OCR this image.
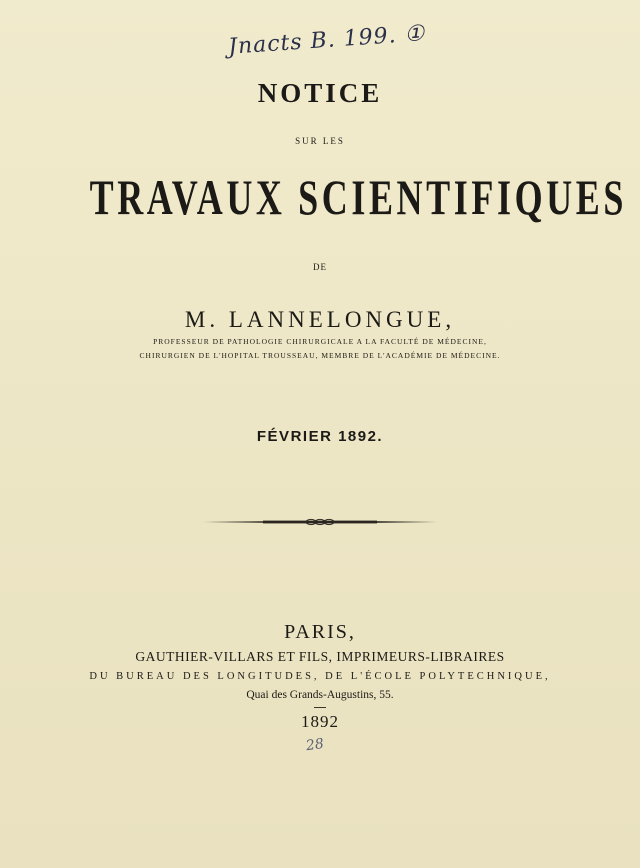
Jnacts B. 199. ①
NOTICE
SUR LES
TRAVAUX SCIENTIFIQUES
DE
M. LANNELONGUE,
PROFESSEUR DE PATHOLOGIE CHIRURGICALE A LA FACULTÉ DE MÉDECINE,
CHIRURGIEN DE L'HOPITAL TROUSSEAU, MEMBRE DE L'ACADÉMIE DE MÉDECINE.
FÉVRIER 1892.
PARIS,
GAUTHIER-VILLARS ET FILS, IMPRIMEURS-LIBRAIRES
DU BUREAU DES LONGITUDES, DE L'ÉCOLE POLYTECHNIQUE,
Quai des Grands-Augustins, 55.
1892
28
